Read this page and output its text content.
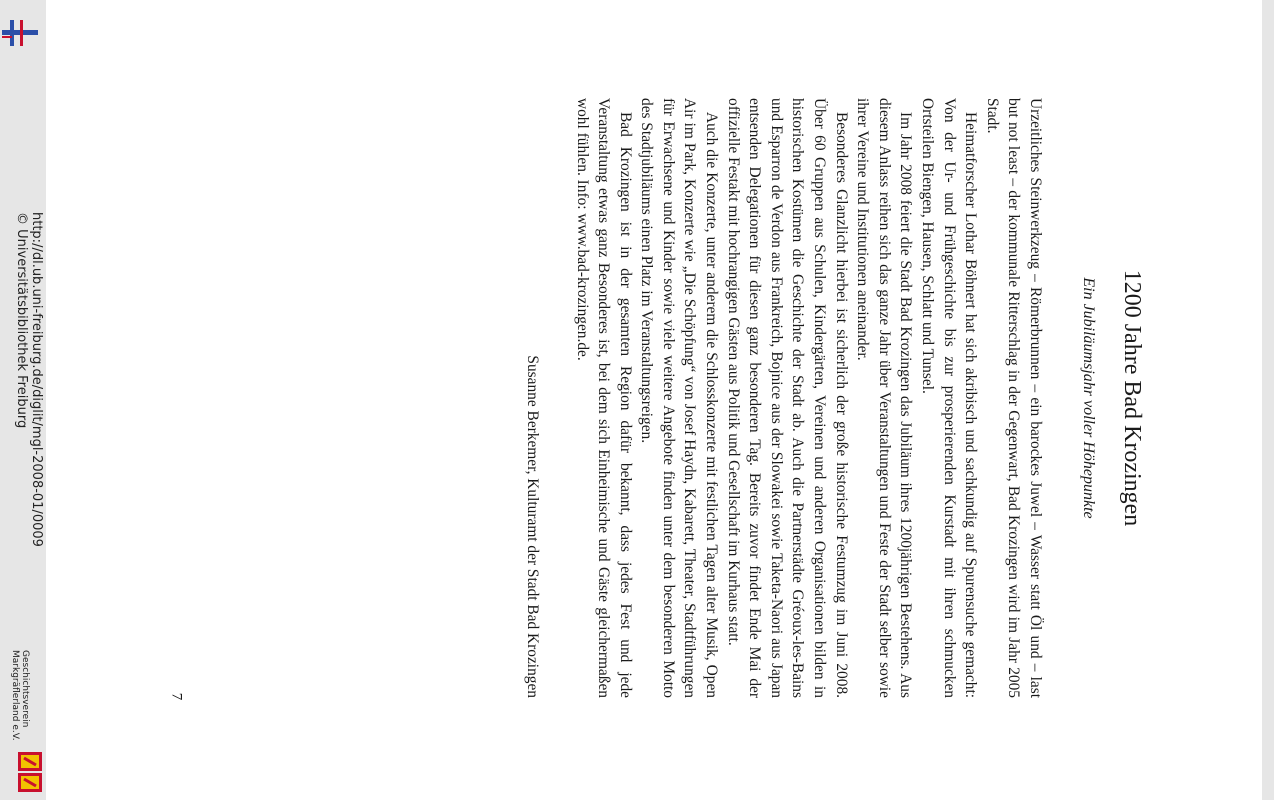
1200 Jahre Bad Krozingen
Ein Jubiläumsjahr voller Höhepunkte

Urzeitliches Steinwerkzeug – Römerbrunnen – ein barockes Juwel – Wasser statt Öl und – last but not least – der kommunale Ritterschlag in der Gegenwart, Bad Krozingen wird im Jahr 2005 Stadt.

Heimatforscher Lothar Böhnert hat sich akribisch und sachkundig auf Spurensuche gemacht: Von der Ur- und Frühgeschichte bis zur prosperierenden Kurstadt mit ihren schmucken Ortsteilen Biengen, Hausen, Schlatt und Tunsel.

Im Jahr 2008 feiert die Stadt Bad Krozingen das Jubiläum ihres 1200jährigen Bestehens. Aus diesem Anlass reihen sich das ganze Jahr über Veranstaltungen und Feste der Stadt selber sowie ihrer Vereine und Institutionen aneinander.

Besonderes Glanzlicht hierbei ist sicherlich der große historische Festumzug im Juni 2008. Über 60 Gruppen aus Schulen, Kindergärten, Vereinen und anderen Organisationen bilden in historischen Kostümen die Geschichte der Stadt ab. Auch die Partnerstädte Gréoux-les-Bains und Esparron de Verdon aus Frankreich, Bojnice aus der Slowakei sowie Taketa-Naori aus Japan entsenden Delegationen für diesen ganz besonderen Tag. Bereits zuvor findet Ende Mai der offizielle Festakt mit hochrangigen Gästen aus Politik und Gesellschaft im Kurhaus statt.

Auch die Konzerte, unter anderem die Schlosskonzerte mit festlichen Tagen alter Musik, Open Air im Park, Konzerte wie „Die Schöpfung“ von Josef Haydn, Kabarett, Theater, Stadtführungen für Erwachsene und Kinder sowie viele weitere Angebote finden unter dem besonderen Motto des Stadtjubiläums einen Platz im Veranstaltungsreigen.

Bad Krozingen ist in der gesamten Region dafür bekannt, dass jedes Fest und jede Veranstaltung etwas ganz Besonderes ist, bei dem sich Einheimische und Gäste gleichermaßen wohl fühlen. Info: www.bad-krozingen.de.

Susanne Berkemer, Kulturamt der Stadt Bad Krozingen
7
http://dl.ub.uni-freiburg.de/diglit/mgl-2008-01/0009
© Universitätsbibliothek Freiburg
Geschichtsverein
Markgräflerland e.V.
